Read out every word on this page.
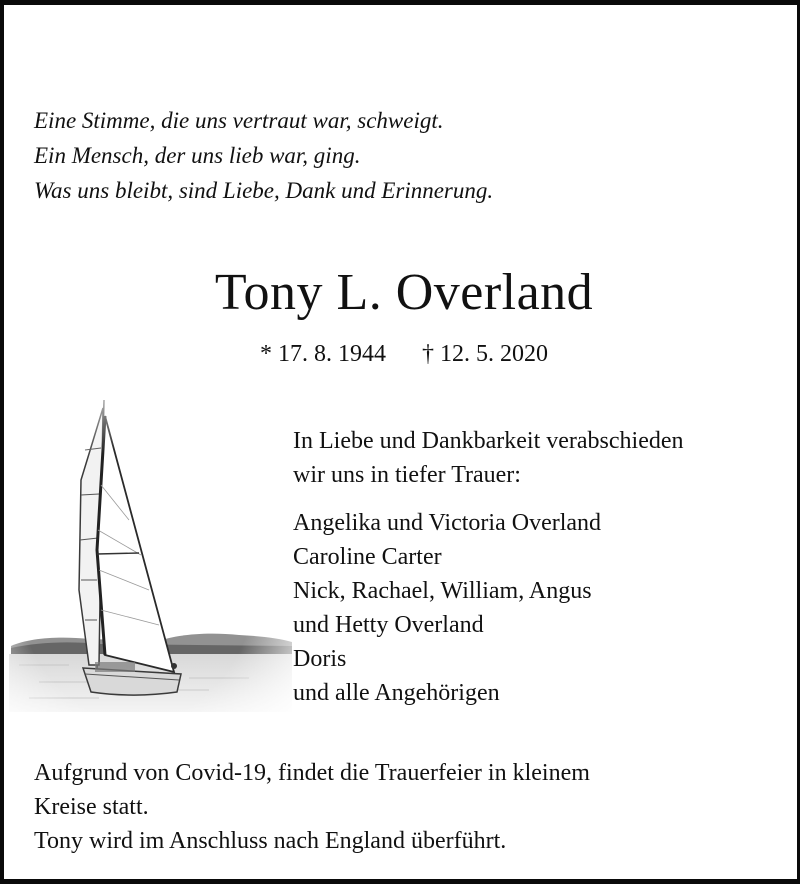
Eine Stimme, die uns vertraut war, schweigt.
Ein Mensch, der uns lieb war, ging.
Was uns bleibt, sind Liebe, Dank und Erinnerung.
Tony L. Overland
* 17. 8. 1944 † 12. 5. 2020
In Liebe und Dankbarkeit verabschieden
wir uns in tiefer Trauer:
Angelika und Victoria Overland
Caroline Carter
Nick, Rachael, William, Angus
und Hetty Overland
Doris
und alle Angehörigen
Aufgrund von Covid-19, findet die Trauerfeier in kleinem
Kreise statt.
Tony wird im Anschluss nach England überführt.
